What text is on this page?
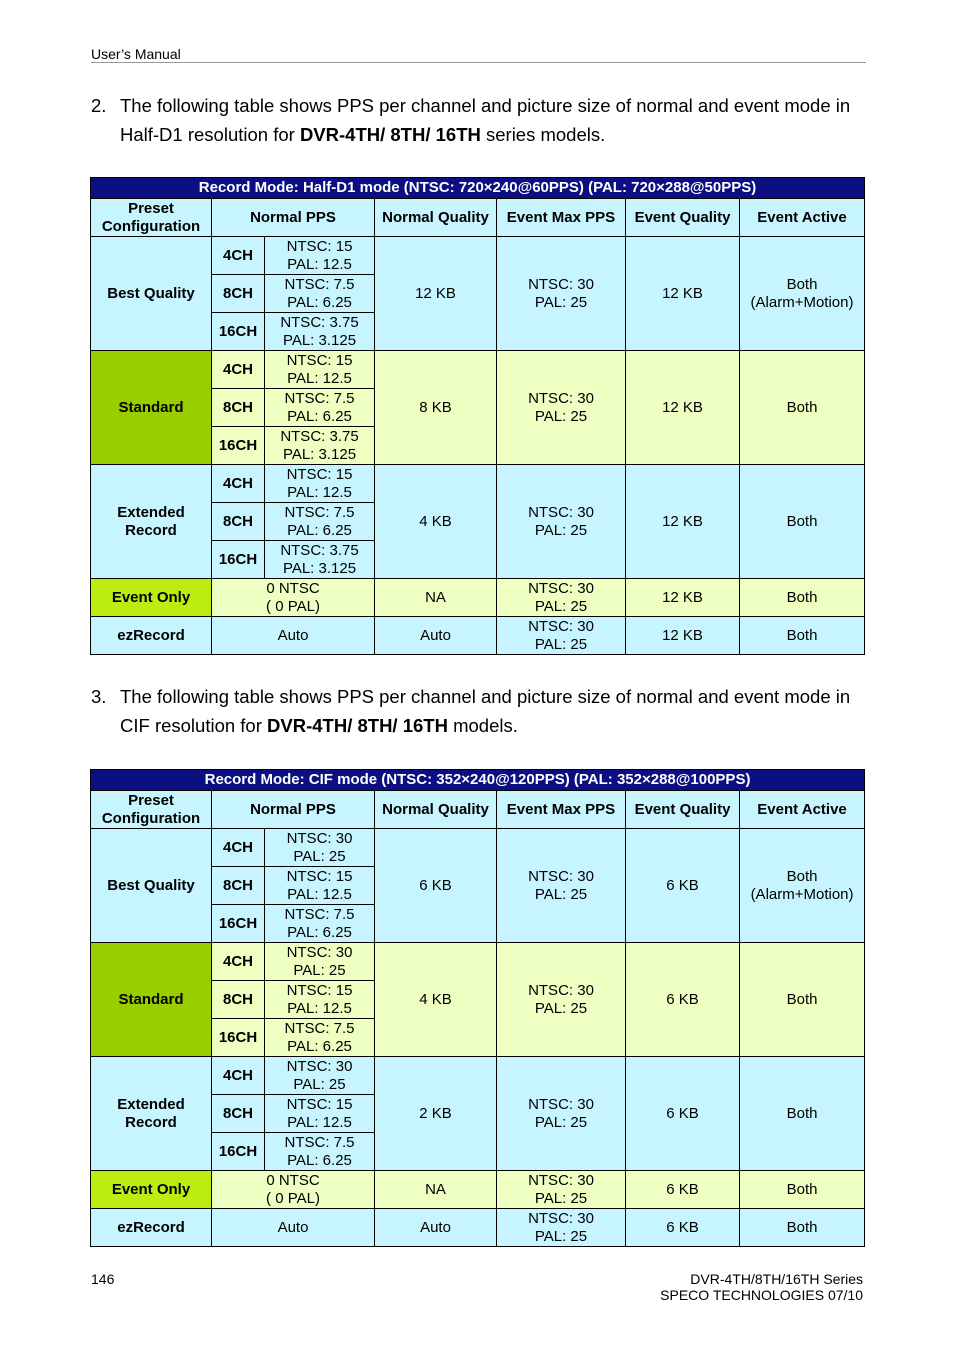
User’s Manual
2. The following table shows PPS per channel and picture size of normal and event mode in Half-D1 resolution for DVR-4TH/ 8TH/ 16TH series models.
Record Mode: Half-D1 mode (NTSC: 720×240@60PPS) (PAL: 720×288@50PPS)						
Preset Configuration	Normal PPS		Normal Quality	Event Max PPS	Event Quality	Event Active
Best Quality	4CH	NTSC: 15
PAL: 12.5	12 KB	NTSC: 30
PAL: 25	12 KB	Both
(Alarm+Motion)
	8CH	NTSC: 7.5
PAL: 6.25				
	16CH	NTSC: 3.75
PAL: 3.125				
Standard	4CH	NTSC: 15
PAL: 12.5	8 KB	NTSC: 30
PAL: 25	12 KB	Both
	8CH	NTSC: 7.5
PAL: 6.25				
	16CH	NTSC: 3.75
PAL: 3.125				
Extended
Record	4CH	NTSC: 15
PAL: 12.5	4 KB	NTSC: 30
PAL: 25	12 KB	Both
	8CH	NTSC: 7.5
PAL: 6.25				
	16CH	NTSC: 3.75
PAL: 3.125				
Event Only	0 NTSC
( 0 PAL)		NA	NTSC: 30
PAL: 25	12 KB	Both
ezRecord	Auto		Auto	NTSC: 30
PAL: 25	12 KB	Both
3. The following table shows PPS per channel and picture size of normal and event mode in CIF resolution for DVR-4TH/ 8TH/ 16TH models.
Record Mode: CIF mode (NTSC: 352×240@120PPS) (PAL: 352×288@100PPS)						
Preset Configuration	Normal PPS		Normal Quality	Event Max PPS	Event Quality	Event Active
Best Quality	4CH	NTSC: 30
PAL: 25	6 KB	NTSC: 30
PAL: 25	6 KB	Both
(Alarm+Motion)
	8CH	NTSC: 15
PAL: 12.5				
	16CH	NTSC: 7.5
PAL: 6.25				
Standard	4CH	NTSC: 30
PAL: 25	4 KB	NTSC: 30
PAL: 25	6 KB	Both
	8CH	NTSC: 15
PAL: 12.5				
	16CH	NTSC: 7.5
PAL: 6.25				
Extended
Record	4CH	NTSC: 30
PAL: 25	2 KB	NTSC: 30
PAL: 25	6 KB	Both
	8CH	NTSC: 15
PAL: 12.5				
	16CH	NTSC: 7.5
PAL: 6.25				
Event Only	0 NTSC
( 0 PAL)		NA	NTSC: 30
PAL: 25	6 KB	Both
ezRecord	Auto		Auto	NTSC: 30
PAL: 25	6 KB	Both
146	DVR-4TH/8TH/16TH Series
SPECO TECHNOLOGIES 07/10
